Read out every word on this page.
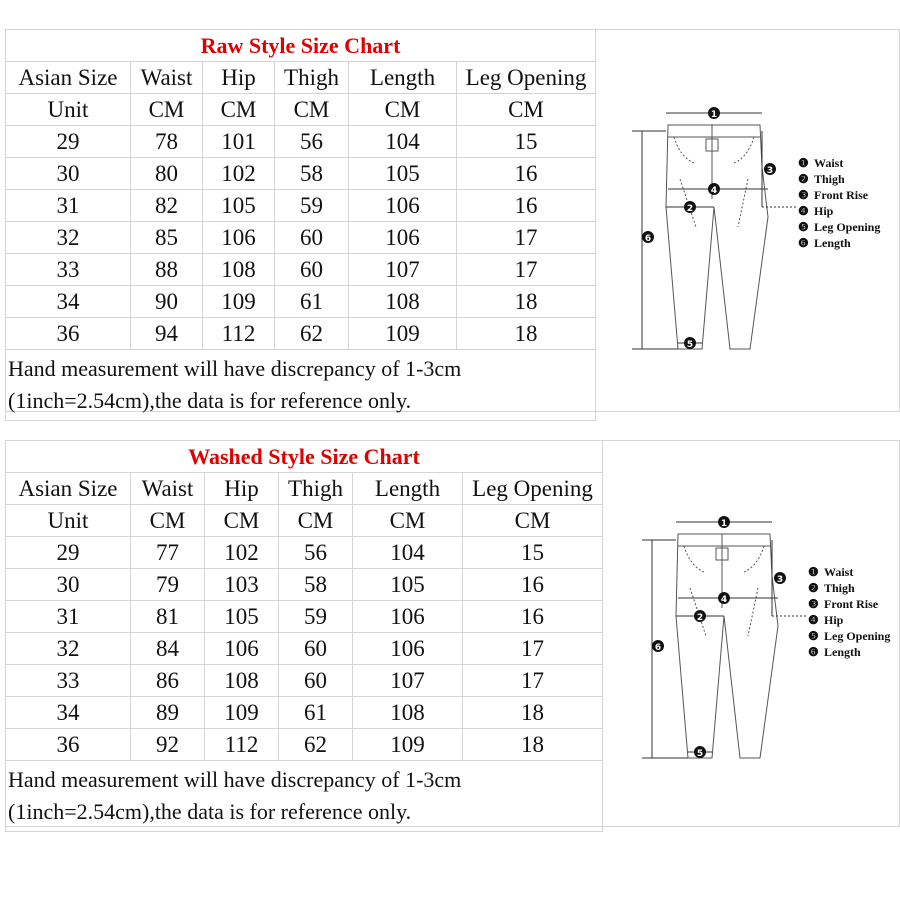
Raw Style Size Chart					
Asian Size	Waist	Hip	Thigh	Length	Leg Opening
Unit	CM	CM	CM	CM	CM
29	78	101	56	104	15
30	80	102	58	105	16
31	82	105	59	106	16
32	85	106	60	106	17
33	88	108	60	107	17
34	90	109	61	108	18
36	94	112	62	109	18

Hand measurement will have discrepancy of 1-3cm
(1inch=2.54cm),the data is for reference only.					
1
2
3
4
5
6
❶ Waist
❷ Thigh
❸ Front Rise
❹ Hip
❺ Leg Opening
❻ Length
Washed Style Size Chart					
Asian Size	Waist	Hip	Thigh	Length	Leg Opening
Unit	CM	CM	CM	CM	CM
29	77	102	56	104	15
30	79	103	58	105	16
31	81	105	59	106	16
32	84	106	60	106	17
33	86	108	60	107	17
34	89	109	61	108	18
36	92	112	62	109	18

Hand measurement will have discrepancy of 1-3cm
(1inch=2.54cm),the data is for reference only.					
1
2
3
4
5
6
❶ Waist
❷ Thigh
❸ Front Rise
❹ Hip
❺ Leg Opening
❻ Length
